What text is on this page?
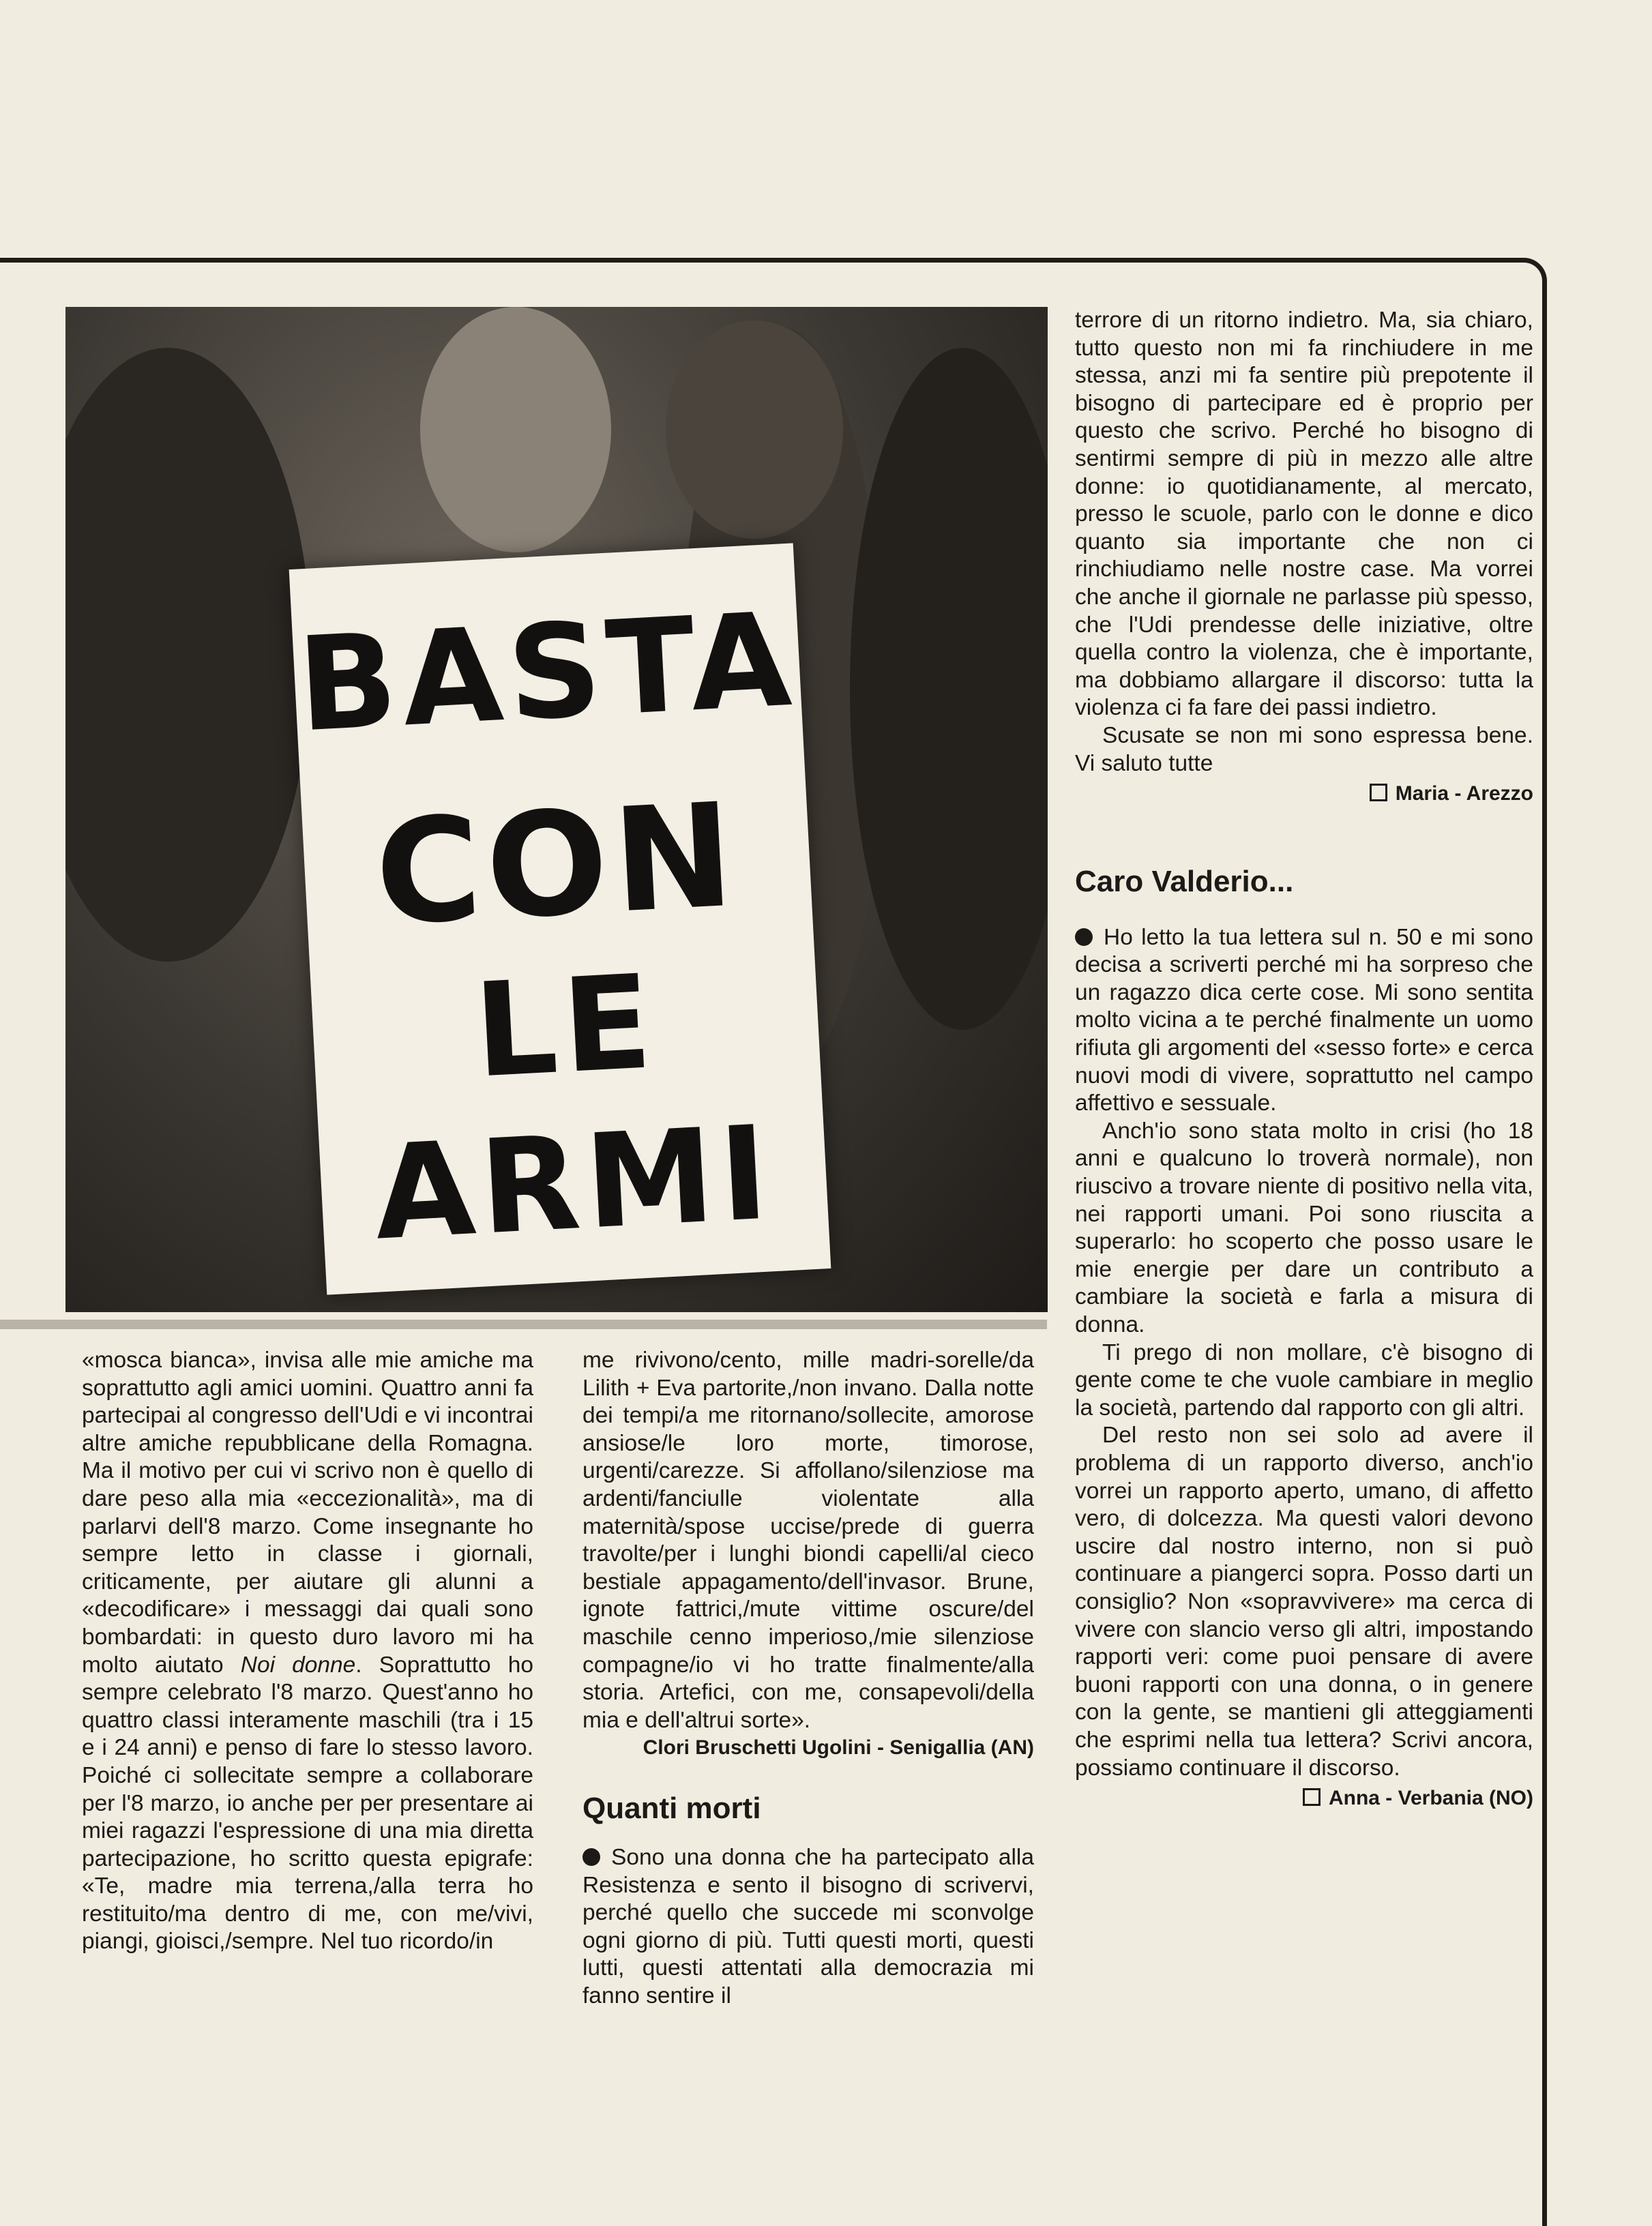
BASTA
CON
LE
ARMI

«mosca bianca», invisa alle mie amiche ma soprattutto agli amici uomini. Quattro anni fa partecipai al congresso dell'Udi e vi incontrai altre amiche repubblicane della Romagna. Ma il motivo per cui vi scrivo non è quello di dare peso alla mia «eccezionalità», ma di parlarvi dell'8 marzo. Come insegnante ho sempre letto in classe i giornali, criticamente, per aiutare gli alunni a «decodificare» i messaggi dai quali sono bombardati: in questo duro lavoro mi ha molto aiutato Noi donne. Soprattutto ho sempre celebrato l'8 marzo. Quest'anno ho quattro classi interamente maschili (tra i 15 e i 24 anni) e penso di fare lo stesso lavoro. Poiché ci sollecitate sempre a collaborare per l'8 marzo, io anche per per presentare ai miei ragazzi l'espressione di una mia diretta partecipazione, ho scritto questa epigrafe: «Te, madre mia terrena,/alla terra ho restituito/ma dentro di me, con me/vivi, piangi, gioisci,/sempre. Nel tuo ricordo/in

me rivivono/cento, mille madri-sorelle/da Lilith + Eva partorite,/non invano. Dalla notte dei tempi/a me ritornano/sollecite, amorose ansiose/le loro morte, timorose, urgenti/carezze. Si affollano/silenziose ma ardenti/fanciulle violentate alla maternità/spose uccise/prede di guerra travolte/per i lunghi biondi capelli/al cieco bestiale appagamento/dell'invasor. Brune, ignote fattrici,/mute vittime oscure/del maschile cenno imperioso,/mie silenziose compagne/io vi ho tratte finalmente/alla storia. Artefici, con me, consapevoli/della mia e dell'altrui sorte».

Clori Bruschetti Ugolini - Senigallia (AN)
Quanti morti

Sono una donna che ha partecipato alla Resistenza e sento il bisogno di scrivervi, perché quello che succede mi sconvolge ogni giorno di più. Tutti questi morti, questi lutti, questi attentati alla democrazia mi fanno sentire il

terrore di un ritorno indietro. Ma, sia chiaro, tutto questo non mi fa rinchiudere in me stessa, anzi mi fa sentire più prepotente il bisogno di partecipare ed è proprio per questo che scrivo. Perché ho bisogno di sentirmi sempre di più in mezzo alle altre donne: io quotidianamente, al mercato, presso le scuole, parlo con le donne e dico quanto sia importante che non ci rinchiudiamo nelle nostre case. Ma vorrei che anche il giornale ne parlasse più spesso, che l'Udi prendesse delle iniziative, oltre quella contro la violenza, che è importante, ma dobbiamo allargare il discorso: tutta la violenza ci fa fare dei passi indietro.

Scusate se non mi sono espressa bene. Vi saluto tutte

Maria - Arezzo
Caro Valderio...

Ho letto la tua lettera sul n. 50 e mi sono decisa a scriverti perché mi ha sorpreso che un ragazzo dica certe cose. Mi sono sentita molto vicina a te perché finalmente un uomo rifiuta gli argomenti del «sesso forte» e cerca nuovi modi di vivere, soprattutto nel campo affettivo e sessuale.

Anch'io sono stata molto in crisi (ho 18 anni e qualcuno lo troverà normale), non riuscivo a trovare niente di positivo nella vita, nei rapporti umani. Poi sono riuscita a superarlo: ho scoperto che posso usare le mie energie per dare un contributo a cambiare la società e farla a misura di donna.

Ti prego di non mollare, c'è bisogno di gente come te che vuole cambiare in meglio la società, partendo dal rapporto con gli altri.

Del resto non sei solo ad avere il problema di un rapporto diverso, anch'io vorrei un rapporto aperto, umano, di affetto vero, di dolcezza. Ma questi valori devono uscire dal nostro interno, non si può continuare a piangerci sopra. Posso darti un consiglio? Non «sopravvivere» ma cerca di vivere con slancio verso gli altri, impostando rapporti veri: come puoi pensare di avere buoni rapporti con una donna, o in genere con la gente, se mantieni gli atteggiamenti che esprimi nella tua lettera? Scrivi ancora, possiamo continuare il discorso.

Anna - Verbania (NO)
